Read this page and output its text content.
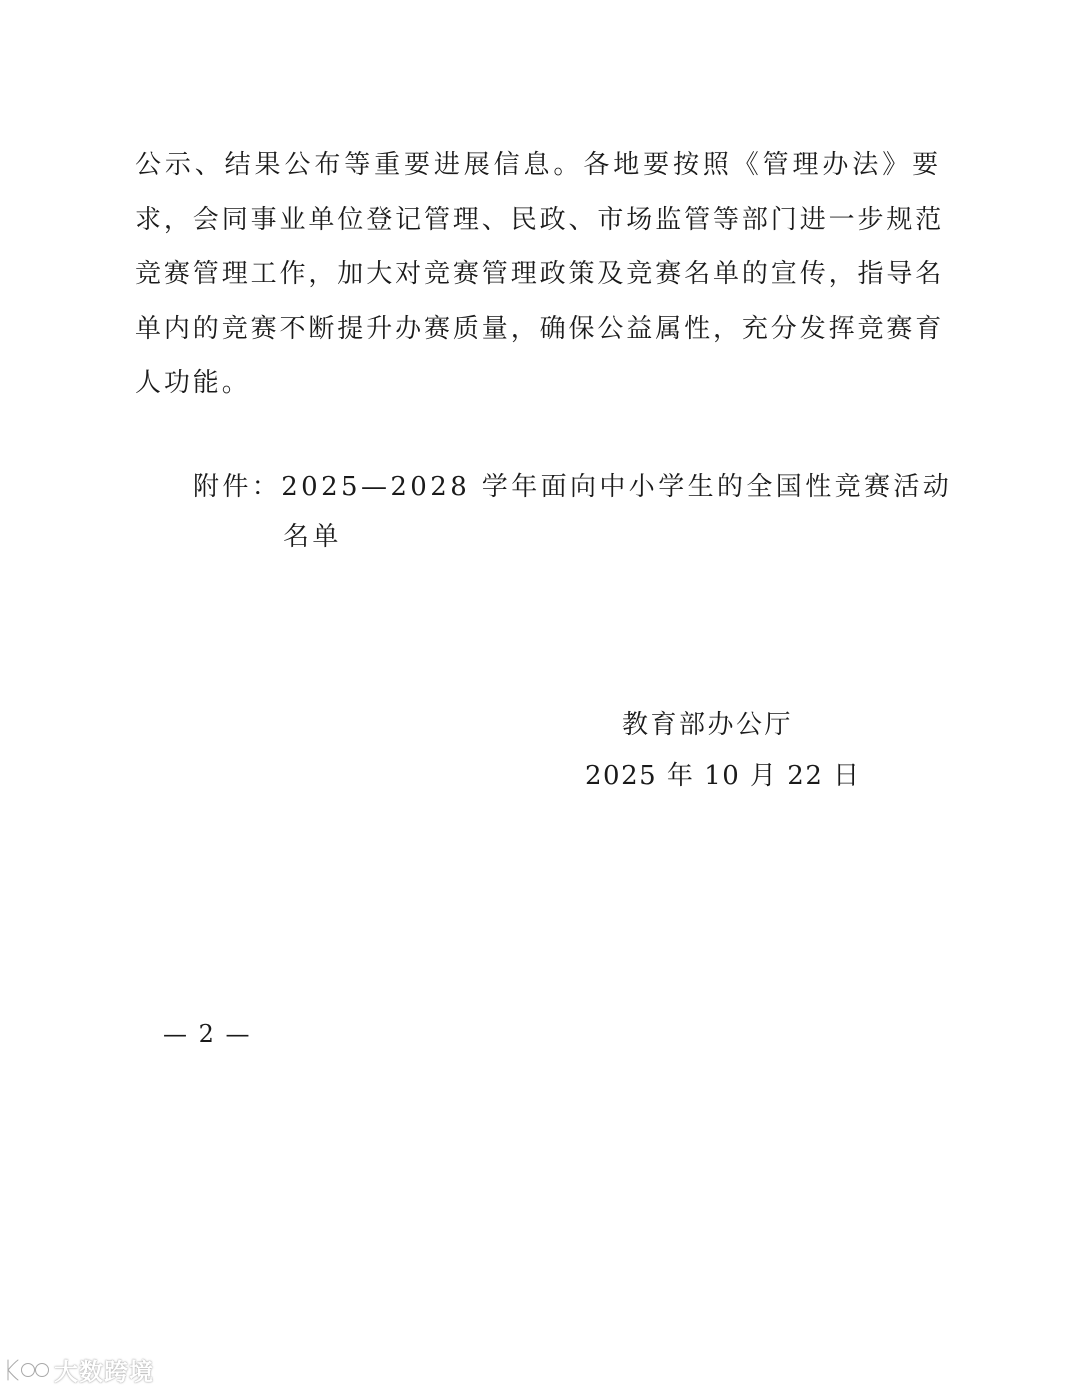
公示、结果公布等重要进展信息。各地要按照《管理办法》要
求，会同事业单位登记管理、民政、市场监管等部门进一步规范
竞赛管理工作，加大对竞赛管理政策及竞赛名单的宣传，指导名
单内的竞赛不断提升办赛质量，确保公益属性，充分发挥竞赛育
人功能。
附件：2025—2028 学年面向中小学生的全国性竞赛活动
名单
教育部办公厅
2025 年 10 月 22 日
— 2 —
大数跨境
